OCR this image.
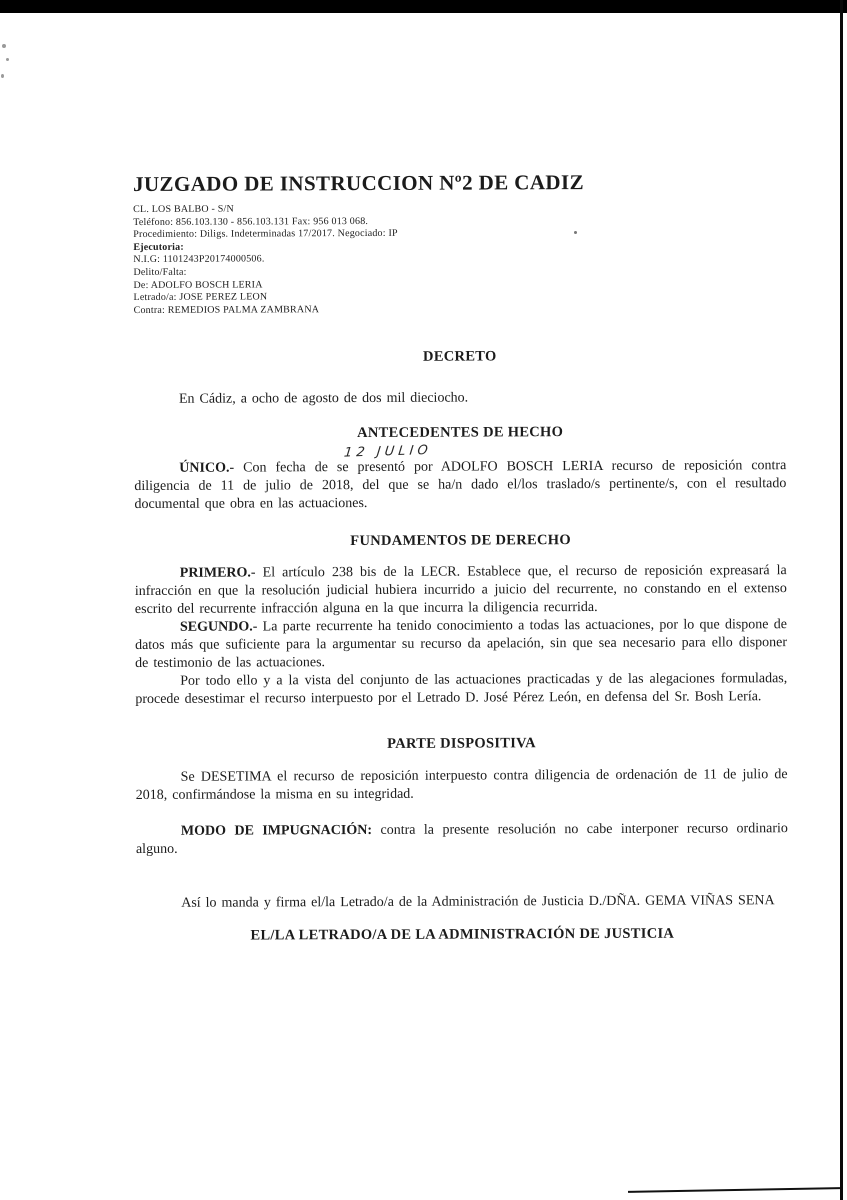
JUZGADO DE INSTRUCCION Nº2 DE CADIZ
CL. LOS BALBO - S/N
Teléfono: 856.103.130 - 856.103.131 Fax: 956 013 068.
Procedimiento: Diligs. Indeterminadas 17/2017. Negociado: IP
Ejecutoria:
N.I.G: 1101243P20174000506.
Delito/Falta:
De: ADOLFO BOSCH LERIA
Letrado/a: JOSE PEREZ LEON
Contra: REMEDIOS PALMA ZAMBRANA

DECRETO

En Cádiz, a ocho de agosto de dos mil dieciocho.

ANTECEDENTES DE HECHO

12 JULIO

ÚNICO.- Con fecha de se presentó por ADOLFO BOSCH LERIA recurso de reposición contra diligencia de 11 de julio de 2018, del que se ha/n dado el/los traslado/s pertinente/s, con el resultado documental que obra en las actuaciones.

FUNDAMENTOS DE DERECHO

PRIMERO.- El artículo 238 bis de la LECR. Establece que, el recurso de reposición expreasará la infracción en que la resolución judicial hubiera incurrido a juicio del recurrente, no constando en el extenso escrito del recurrente infracción alguna en la que incurra la diligencia recurrida.

SEGUNDO.- La parte recurrente ha tenido conocimiento a todas las actuaciones, por lo que dispone de datos más que suficiente para la argumentar su recurso da apelación, sin que sea necesario para ello disponer de testimonio de las actuaciones.

Por todo ello y a la vista del conjunto de las actuaciones practicadas y de las alegaciones formuladas, procede desestimar el recurso interpuesto por el Letrado D. José Pérez León, en defensa del Sr. Bosh Lería.

PARTE DISPOSITIVA

Se DESETIMA el recurso de reposición interpuesto contra diligencia de ordenación de 11 de julio de 2018, confirmándose la misma en su integridad.

MODO DE IMPUGNACIÓN: contra la presente resolución no cabe interponer recurso ordinario alguno.

Así lo manda y firma el/la Letrado/a de la Administración de Justicia D./DÑA. GEMA VIÑAS SENA

EL/LA LETRADO/A DE LA ADMINISTRACIÓN DE JUSTICIA
